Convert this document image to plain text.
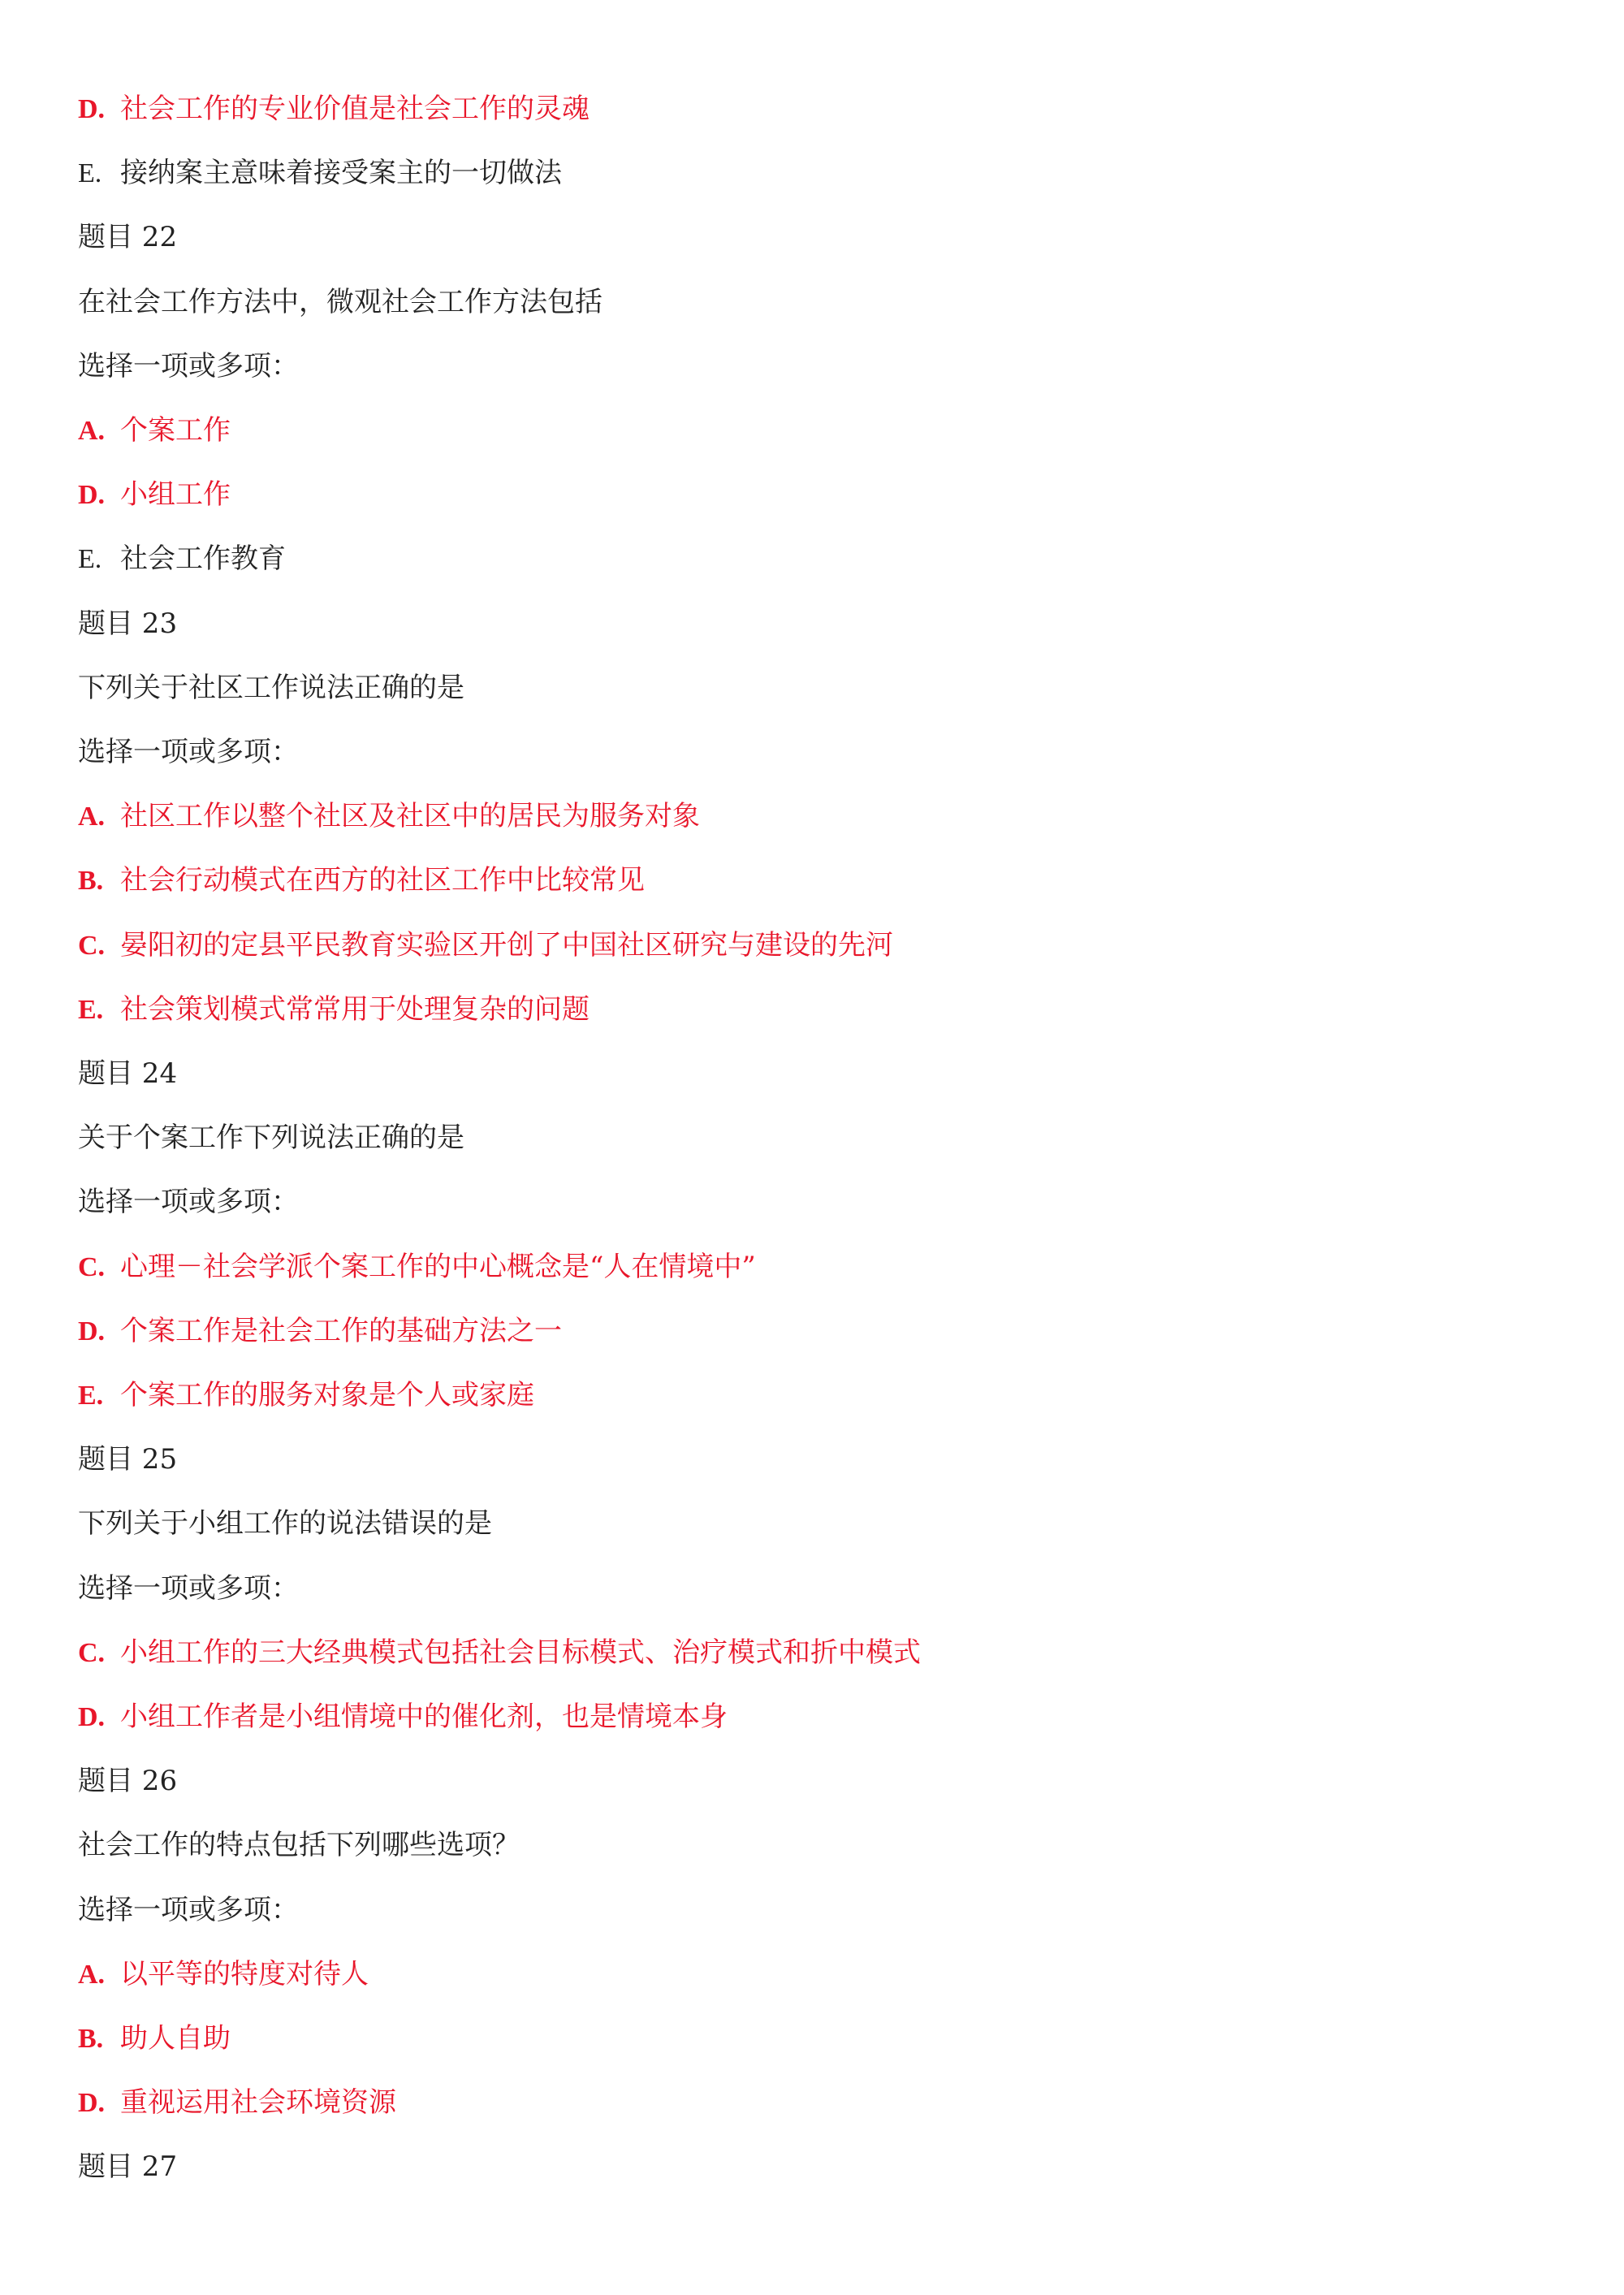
D. 社会工作的专业价值是社会工作的灵魂
E. 接纳案主意味着接受案主的一切做法
题目 22
在社会工作方法中，微观社会工作方法包括
选择一项或多项：
A. 个案工作
D. 小组工作
E. 社会工作教育
题目 23
下列关于社区工作说法正确的是
选择一项或多项：
A. 社区工作以整个社区及社区中的居民为服务对象
B. 社会行动模式在西方的社区工作中比较常见
C. 晏阳初的定县平民教育实验区开创了中国社区研究与建设的先河
E. 社会策划模式常常用于处理复杂的问题
题目 24
关于个案工作下列说法正确的是
选择一项或多项：
C. 心理－社会学派个案工作的中心概念是“人在情境中”
D. 个案工作是社会工作的基础方法之一
E. 个案工作的服务对象是个人或家庭
题目 25
下列关于小组工作的说法错误的是
选择一项或多项：
C. 小组工作的三大经典模式包括社会目标模式、治疗模式和折中模式
D. 小组工作者是小组情境中的催化剂，也是情境本身
题目 26
社会工作的特点包括下列哪些选项？
选择一项或多项：
A. 以平等的特度对待人
B. 助人自助
D. 重视运用社会环境资源
题目 27
